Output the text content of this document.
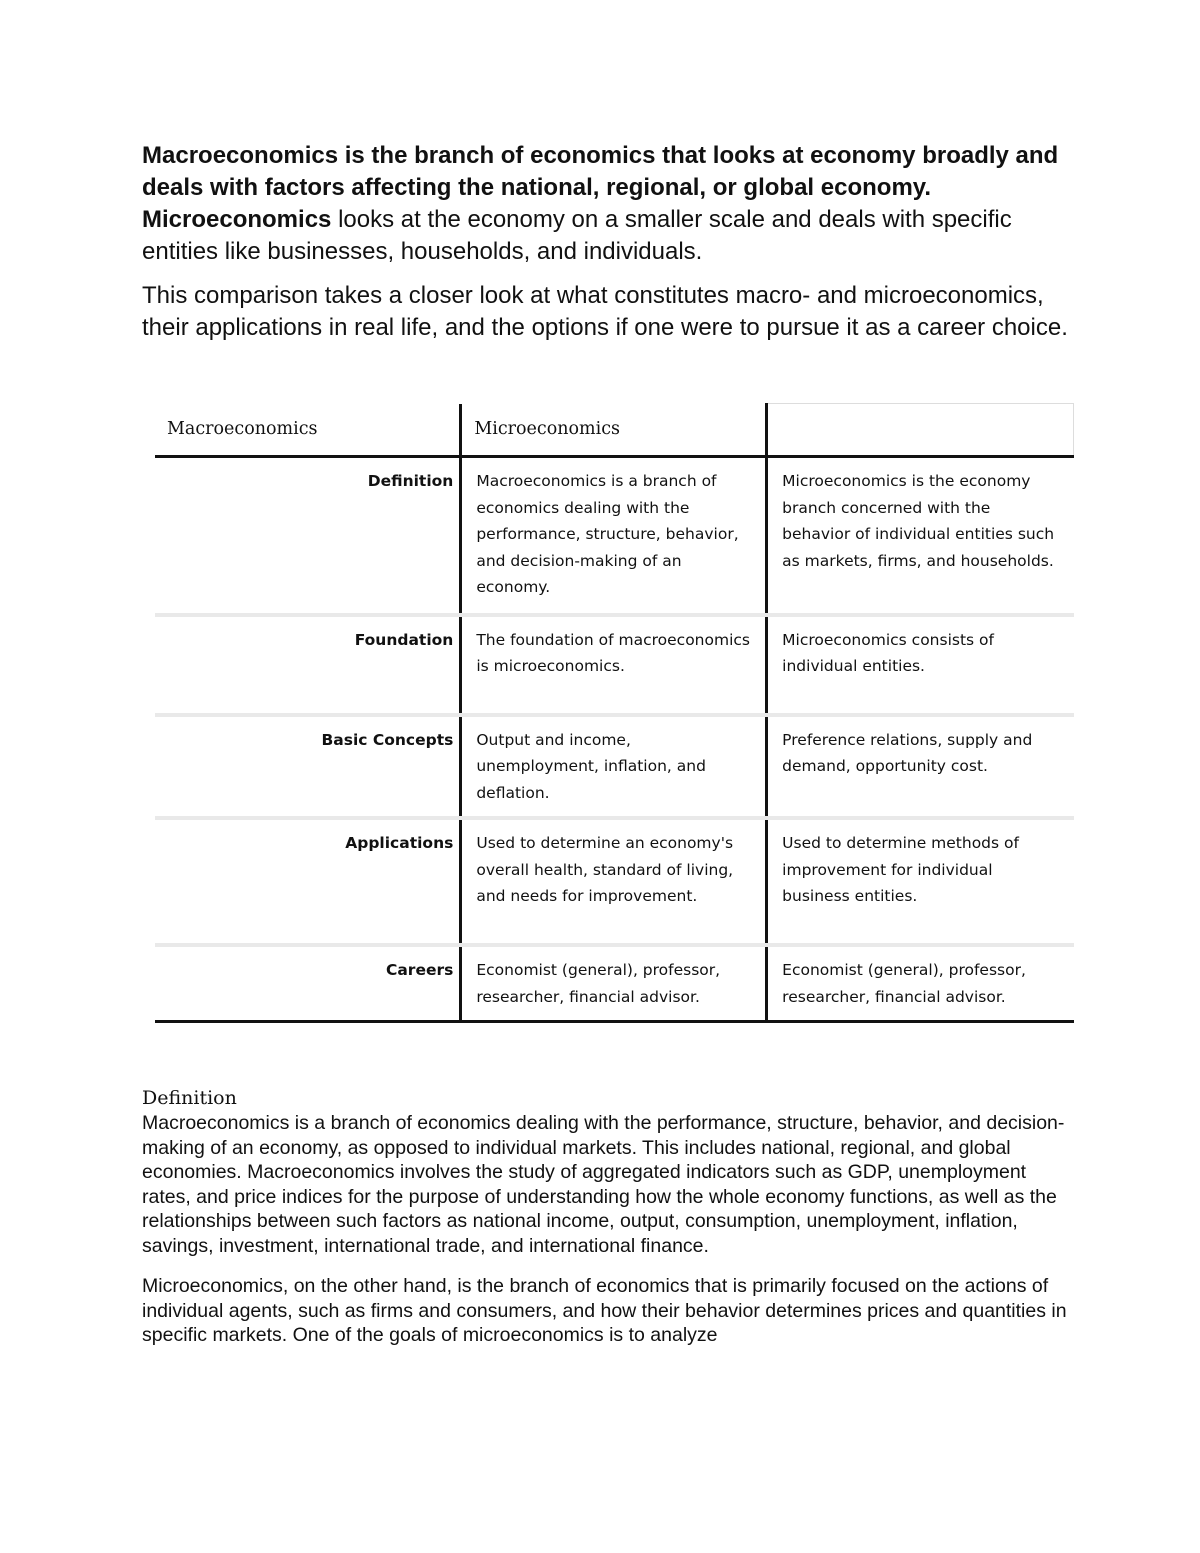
Macroeconomics is the branch of economics that looks at economy broadly and deals with factors affecting the national, regional, or global economy. Microeconomics looks at the economy on a smaller scale and deals with specific entities like businesses, households, and individuals.

This comparison takes a closer look at what constitutes macro- and microeconomics, their applications in real life, and the options if one were to pursue it as a career choice.

Macroeconomics	Microeconomics	
Definition	Macroeconomics is a branch of economics dealing with the performance, structure, behavior, and decision-making of an economy.	Microeconomics is the economy branch concerned with the behavior of individual entities such as markets, firms, and households.
Foundation	The foundation of macroeconomics is microeconomics.	Microeconomics consists of individual entities.
Basic Concepts	Output and income, unemployment, inflation, and deflation.	Preference relations, supply and demand, opportunity cost.
Applications	Used to determine an economy's overall health, standard of living, and needs for improvement.	Used to determine methods of improvement for individual business entities.
Careers	Economist (general), professor, researcher, financial advisor.	Economist (general), professor, researcher, financial advisor.
Definition

Macroeconomics is a branch of economics dealing with the performance, structure, behavior, and decision-making of an economy, as opposed to individual markets. This includes national, regional, and global economies. Macroeconomics involves the study of aggregated indicators such as GDP, unemployment rates, and price indices for the purpose of understanding how the whole economy functions, as well as the relationships between such factors as national income, output, consumption, unemployment, inflation, savings, investment, international trade, and international finance.

Microeconomics, on the other hand, is the branch of economics that is primarily focused on the actions of individual agents, such as firms and consumers, and how their behavior determines prices and quantities in specific markets. One of the goals of microeconomics is to analyze
